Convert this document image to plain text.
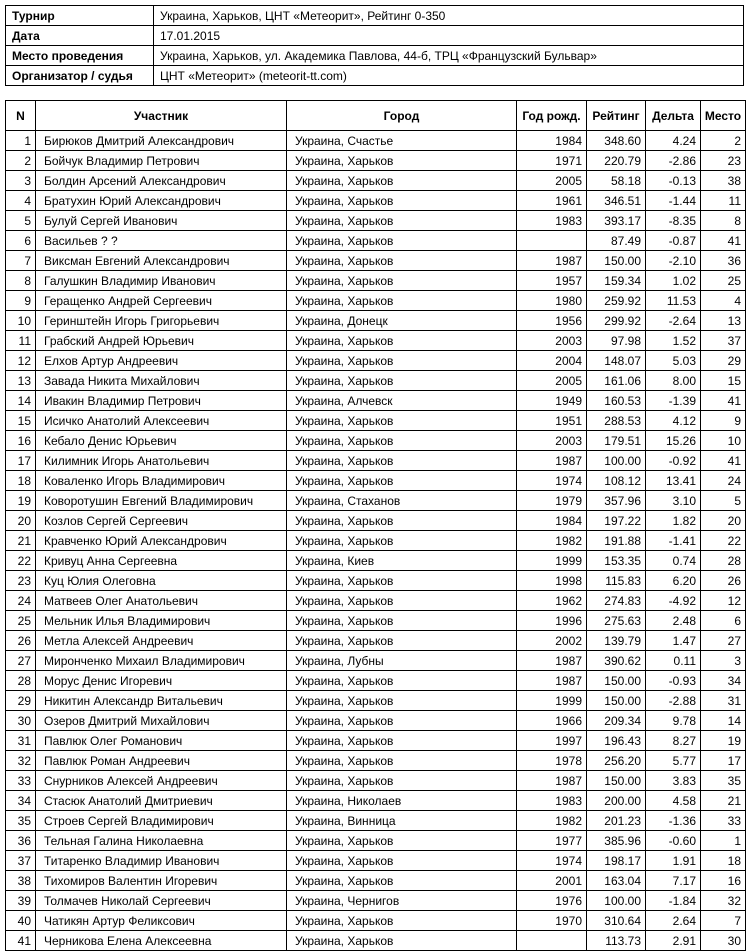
Турнир	Украина, Харьков, ЦНТ «Метеорит», Рейтинг 0-350
Дата	17.01.2015
Место проведения	Украина, Харьков, ул. Академика Павлова, 44-б, ТРЦ «Французский Бульвар»
Организатор / судья	ЦНТ «Метеорит» (meteorit-tt.com)
N	Участник	Город	Год рожд.	Рейтинг	Дельта	Место
1	Бирюков Дмитрий Александрович	Украина, Счастье	1984	348.60	4.24	2
2	Бойчук Владимир Петрович	Украина, Харьков	1971	220.79	-2.86	23
3	Болдин Арсений Александрович	Украина, Харьков	2005	58.18	-0.13	38
4	Братухин Юрий Александрович	Украина, Харьков	1961	346.51	-1.44	11
5	Булуй Сергей Иванович	Украина, Харьков	1983	393.17	-8.35	8
6	Васильев ? ?	Украина, Харьков		87.49	-0.87	41
7	Виксман Евгений Александрович	Украина, Харьков	1987	150.00	-2.10	36
8	Галушкин Владимир Иванович	Украина, Харьков	1957	159.34	1.02	25
9	Геращенко Андрей Сергеевич	Украина, Харьков	1980	259.92	11.53	4
10	Геринштейн Игорь Григорьевич	Украина, Донецк	1956	299.92	-2.64	13
11	Грабский Андрей Юрьевич	Украина, Харьков	2003	97.98	1.52	37
12	Елхов Артур Андреевич	Украина, Харьков	2004	148.07	5.03	29
13	Завада Никита Михайлович	Украина, Харьков	2005	161.06	8.00	15
14	Ивакин Владимир Петрович	Украина, Алчевск	1949	160.53	-1.39	41
15	Исичко Анатолий Алексеевич	Украина, Харьков	1951	288.53	4.12	9
16	Кебало Денис Юрьевич	Украина, Харьков	2003	179.51	15.26	10
17	Килимник Игорь Анатольевич	Украина, Харьков	1987	100.00	-0.92	41
18	Коваленко Игорь Владимирович	Украина, Харьков	1974	108.12	13.41	24
19	Коворотушин Евгений Владимирович	Украина, Стаханов	1979	357.96	3.10	5
20	Козлов Сергей Сергеевич	Украина, Харьков	1984	197.22	1.82	20
21	Кравченко Юрий Александрович	Украина, Харьков	1982	191.88	-1.41	22
22	Кривуц Анна Сергеевна	Украина, Киев	1999	153.35	0.74	28
23	Куц Юлия Олеговна	Украина, Харьков	1998	115.83	6.20	26
24	Матвеев Олег Анатольевич	Украина, Харьков	1962	274.83	-4.92	12
25	Мельник Илья Владимирович	Украина, Харьков	1996	275.63	2.48	6
26	Метла Алексей Андреевич	Украина, Харьков	2002	139.79	1.47	27
27	Миронченко Михаил Владимирович	Украина, Лубны	1987	390.62	0.11	3
28	Морус Денис Игоревич	Украина, Харьков	1987	150.00	-0.93	34
29	Никитин Александр Витальевич	Украина, Харьков	1999	150.00	-2.88	31
30	Озеров Дмитрий Михайлович	Украина, Харьков	1966	209.34	9.78	14
31	Павлюк Олег Романович	Украина, Харьков	1997	196.43	8.27	19
32	Павлюк Роман Андреевич	Украина, Харьков	1978	256.20	5.77	17
33	Снурников Алексей Андреевич	Украина, Харьков	1987	150.00	3.83	35
34	Стасюк Анатолий Дмитриевич	Украина, Николаев	1983	200.00	4.58	21
35	Строев Сергей Владимирович	Украина, Винница	1982	201.23	-1.36	33
36	Тельная Галина Николаевна	Украина, Харьков	1977	385.96	-0.60	1
37	Титаренко Владимир Иванович	Украина, Харьков	1974	198.17	1.91	18
38	Тихомиров Валентин Игоревич	Украина, Харьков	2001	163.04	7.17	16
39	Толмачев Николай Сергеевич	Украина, Чернигов	1976	100.00	-1.84	32
40	Чатикян Артур Феликсович	Украина, Харьков	1970	310.64	2.64	7
41	Черникова Елена Алексеевна	Украина, Харьков		113.73	2.91	30
